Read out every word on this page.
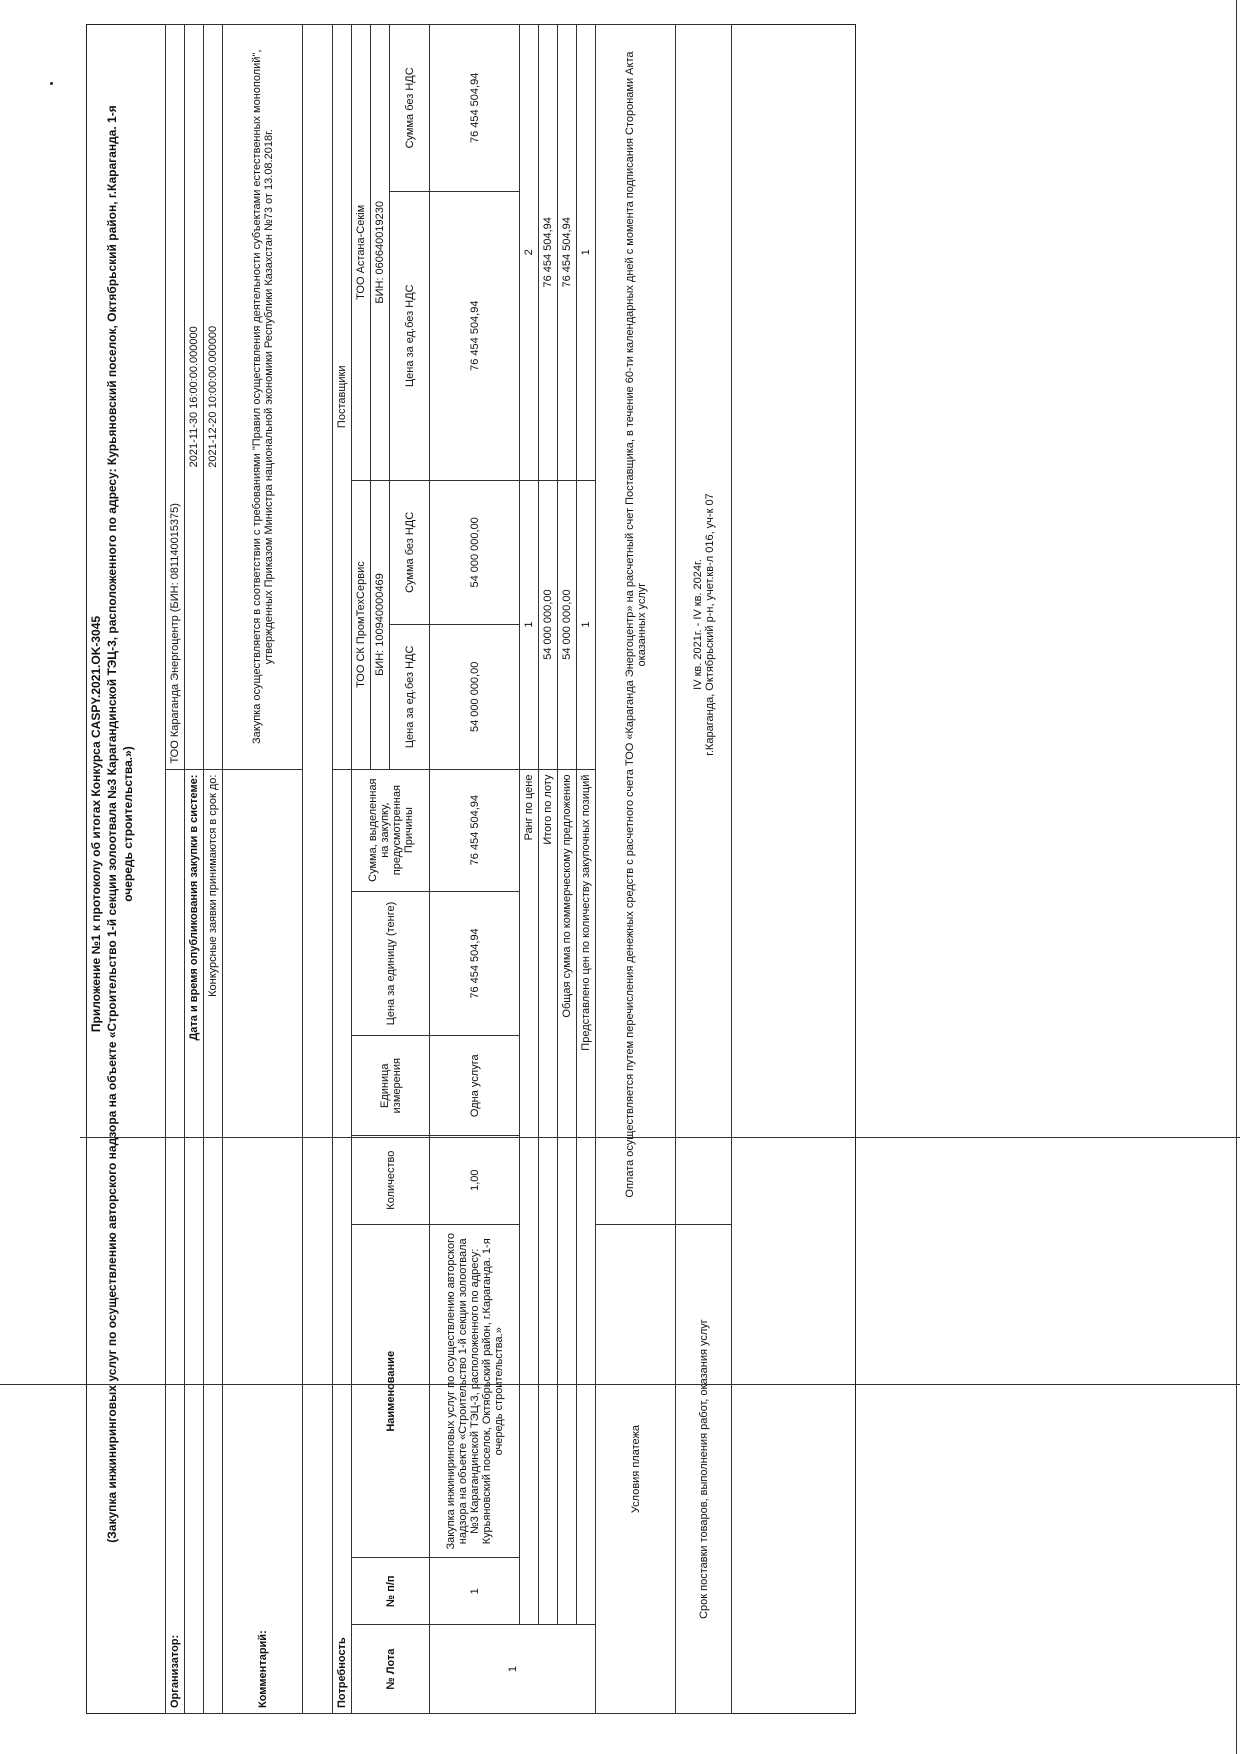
Приложение №1 к протоколу об итогах Конкурса CASPY.2021.OK-3045 (Закупка инжиниринговых услуг по осуществлению авторского надзора на объекте «Строительство 1-й секции золоотвала №3 Карагандинской ТЭЦ-3, расположенного по адресу: Курьяновский поселок, Октябрьский район, г.Караганда. 1-я очередь строительства.»)
Организатор:							ТОО Караганда Энергоцентр (БИН: 081140015375)			
Дата и время опубликования закупки в системе:							2021-11-30 16:00:00.000000			
Конкурсные заявки принимаются в срок до:							2021-12-20 10:00:00.000000			
Комментарий:							Закупка осуществляется в соответствии с требованиями "Правил осуществления деятельности субъектами естественных монополий", утвержденных Приказом Министра национальной экономики Республики Казахстан №73 от 13.08.2018г.			

Потребность							Поставщики			
№ Лота	№ п/п	Наименование	Количество	Единица измерения	Цена за единицу (тенге)	Сумма, выделенная на закупку, предусмотренная Причины	ТОО СК ПромТехСервис		ТОО Астана-Секім	
							БИН: 100940000469		БИН: 060640019230	
							Цена за ед.без НДС	Сумма без НДС	Цена за ед.без НДС	Сумма без НДС
1	1	Закупка инжиниринговых услуг по осуществлению авторского надзора на объекте «Строительство 1-й секции золоотвала №3 Карагандинской ТЭЦ-3, расположенного по адресу: Курьяновский поселок, Октябрьский район, г.Караганда. 1-я очередь строительства.»	1,00	Одна услуга	76 454 504,94	76 454 504,94	54 000 000,00	54 000 000,00	76 454 504,94	76 454 504,94
	Ранг по цене						1		2	
	Итого по лоту						54 000 000,00		76 454 504,94	
	Общая сумма по коммерческому предложению						54 000 000,00		76 454 504,94	
	Представлено цен по количеству закупочных позиций						1		1	
Условия платежа			Оплата осуществляется путем перечисления денежных средств с расчетного счета ТОО «Караганда Энергоцентр» на расчетный счет Поставщика, в течение 60-ти календарных дней с момента подписания Сторонами Акта оказанных услуг							
Срок поставки товаров, выполнения работ, оказания услуг			IV кв. 2021г. - IV кв. 2024г. г.Караганда, Октябрьский р-н, учет.кв-л 016, уч-к 07							
